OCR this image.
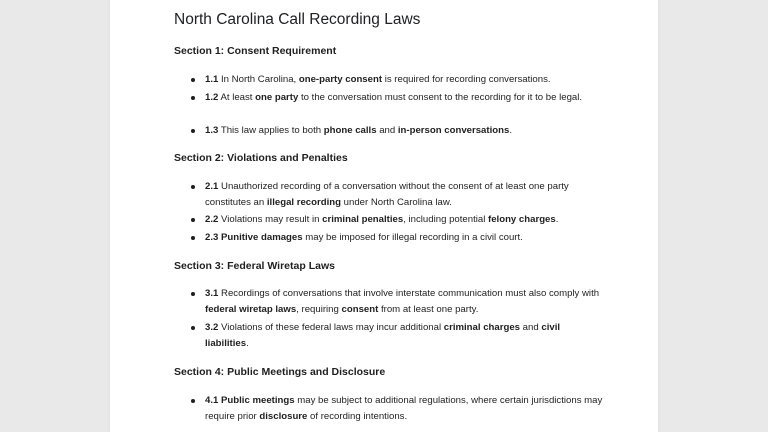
North Carolina Call Recording Laws
Section 1: Consent Requirement
1.1 In North Carolina, one-party consent is required for recording conversations.
1.2 At least one party to the conversation must consent to the recording for it to be legal.
1.3 This law applies to both phone calls and in-person conversations.
Section 2: Violations and Penalties
2.1 Unauthorized recording of a conversation without the consent of at least one party constitutes an illegal recording under North Carolina law.
2.2 Violations may result in criminal penalties, including potential felony charges.
2.3 Punitive damages may be imposed for illegal recording in a civil court.
Section 3: Federal Wiretap Laws
3.1 Recordings of conversations that involve interstate communication must also comply with federal wiretap laws, requiring consent from at least one party.
3.2 Violations of these federal laws may incur additional criminal charges and civil liabilities.
Section 4: Public Meetings and Disclosure
4.1 Public meetings may be subject to additional regulations, where certain jurisdictions may require prior disclosure of recording intentions.
